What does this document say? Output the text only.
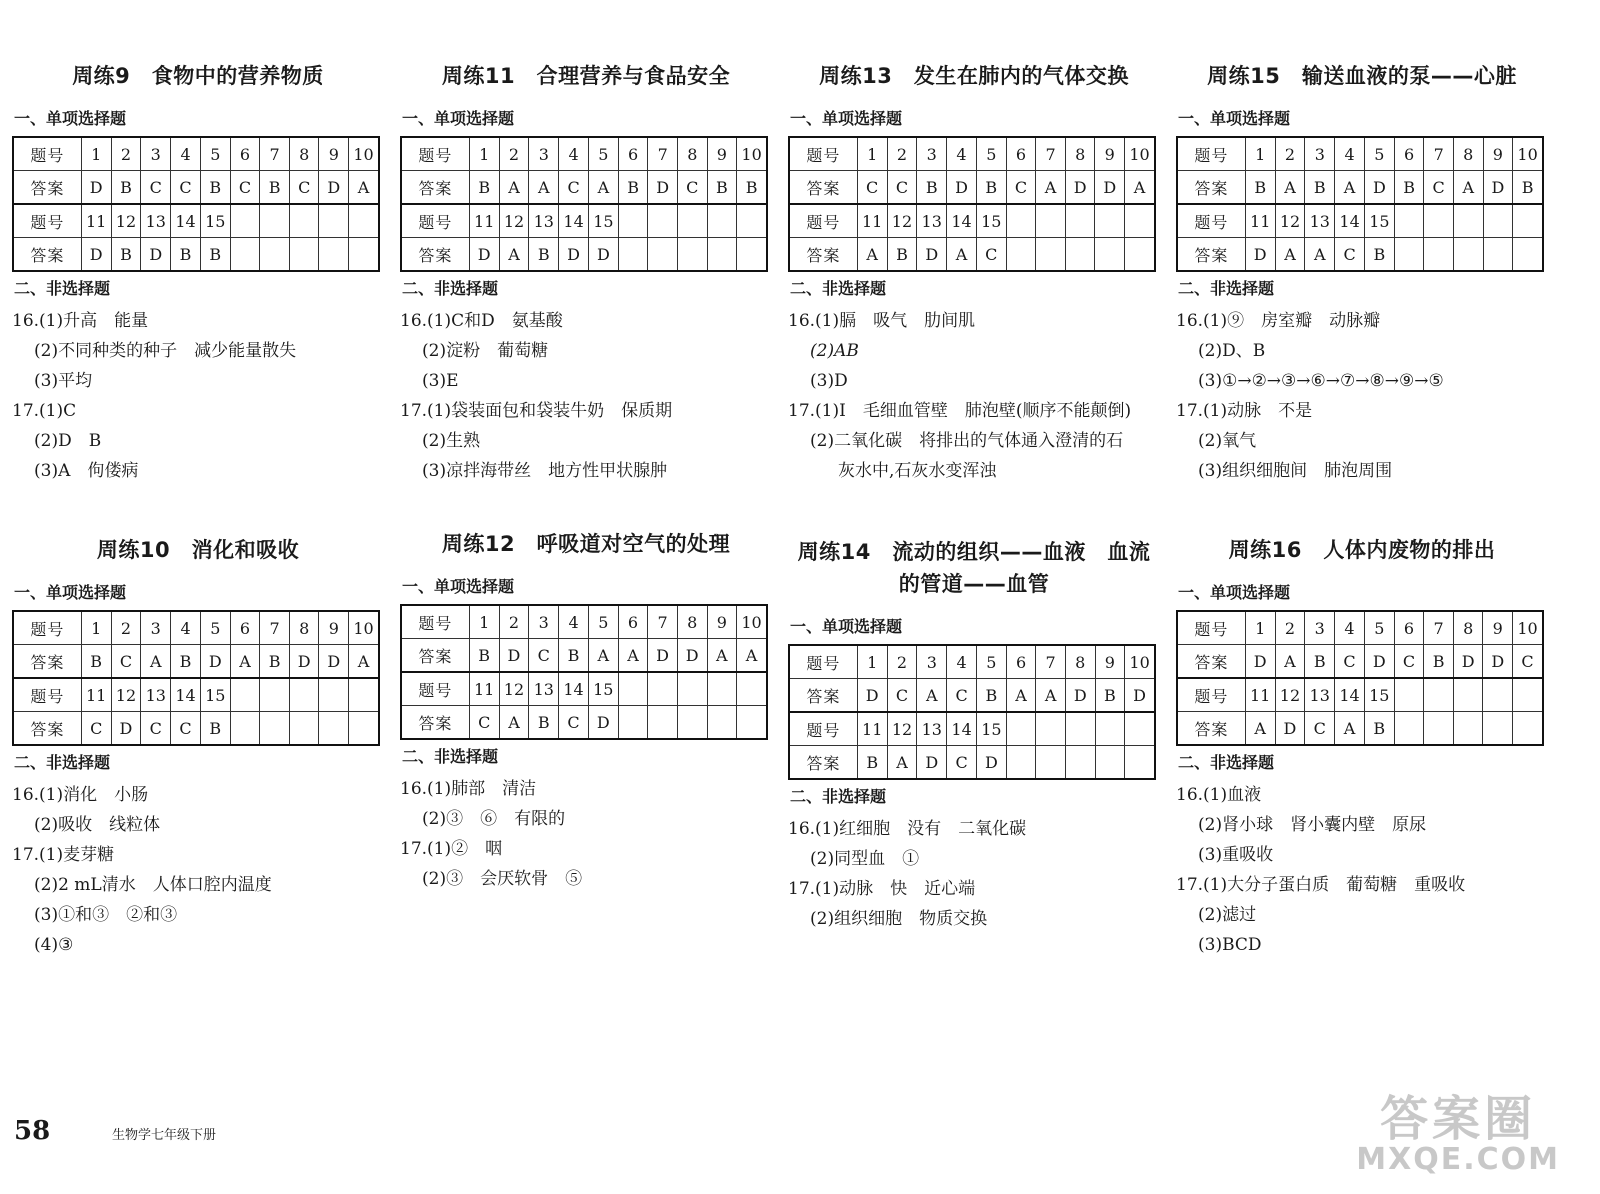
周练9　食物中的营养物质
一、单项选择题
题号	1	2	3	4	5	6	7	8	9	10
答案	D	B	C	C	B	C	B	C	D	A
题号	11	12	13	14	15					
答案	D	B	D	B	B					
二、非选择题
16.(1)升高　能量
(2)不同种类的种子　减少能量散失
(3)平均
17.(1)C
(2)D　B
(3)A　佝偻病
周练11　合理营养与食品安全
一、单项选择题
题号	1	2	3	4	5	6	7	8	9	10
答案	B	A	A	C	A	B	D	C	B	B
题号	11	12	13	14	15					
答案	D	A	B	D	D					
二、非选择题
16.(1)C和D　氨基酸
(2)淀粉　葡萄糖
(3)E
17.(1)袋装面包和袋装牛奶　保质期
(2)生熟
(3)凉拌海带丝　地方性甲状腺肿
周练13　发生在肺内的气体交换
一、单项选择题
题号	1	2	3	4	5	6	7	8	9	10
答案	C	C	B	D	B	C	A	D	D	A
题号	11	12	13	14	15					
答案	A	B	D	A	C					
二、非选择题
16.(1)膈　吸气　肋间肌
(2)AB
(3)D
17.(1)Ⅰ　毛细血管壁　肺泡壁(顺序不能颠倒)
(2)二氧化碳　将排出的气体通入澄清的石
灰水中,石灰水变浑浊
周练15　输送血液的泵——心脏
一、单项选择题
题号	1	2	3	4	5	6	7	8	9	10
答案	B	A	B	A	D	B	C	A	D	B
题号	11	12	13	14	15					
答案	D	A	A	C	B					
二、非选择题
16.(1)⑨　房室瓣　动脉瓣
(2)D、B
(3)①→②→③→⑥→⑦→⑧→⑨→⑤
17.(1)动脉　不是
(2)氧气
(3)组织细胞间　肺泡周围
周练10　消化和吸收
一、单项选择题
题号	1	2	3	4	5	6	7	8	9	10
答案	B	C	A	B	D	A	B	D	D	A
题号	11	12	13	14	15					
答案	C	D	C	C	B					
二、非选择题
16.(1)消化　小肠
(2)吸收　线粒体
17.(1)麦芽糖
(2)2 mL清水　人体口腔内温度
(3)①和③　②和③
(4)③
周练12　呼吸道对空气的处理
一、单项选择题
题号	1	2	3	4	5	6	7	8	9	10
答案	B	D	C	B	A	A	D	D	A	A
题号	11	12	13	14	15					
答案	C	A	B	C	D					
二、非选择题
16.(1)肺部　清洁
(2)③　⑥　有限的
17.(1)②　咽
(2)③　会厌软骨　⑤
周练14　流动的组织——血液　血流
的管道——血管
一、单项选择题
题号	1	2	3	4	5	6	7	8	9	10
答案	D	C	A	C	B	A	A	D	B	D
题号	11	12	13	14	15					
答案	B	A	D	C	D					
二、非选择题
16.(1)红细胞　没有　二氧化碳
(2)同型血　①
17.(1)动脉　快　近心端
(2)组织细胞　物质交换
周练16　人体内废物的排出
一、单项选择题
题号	1	2	3	4	5	6	7	8	9	10
答案	D	A	B	C	D	C	B	D	D	C
题号	11	12	13	14	15					
答案	A	D	C	A	B					
二、非选择题
16.(1)血液
(2)肾小球　肾小囊内壁　原尿
(3)重吸收
17.(1)大分子蛋白质　葡萄糖　重吸收
(2)滤过
(3)BCD
58	生物学七年级下册	答案圈
MXQE.COM
